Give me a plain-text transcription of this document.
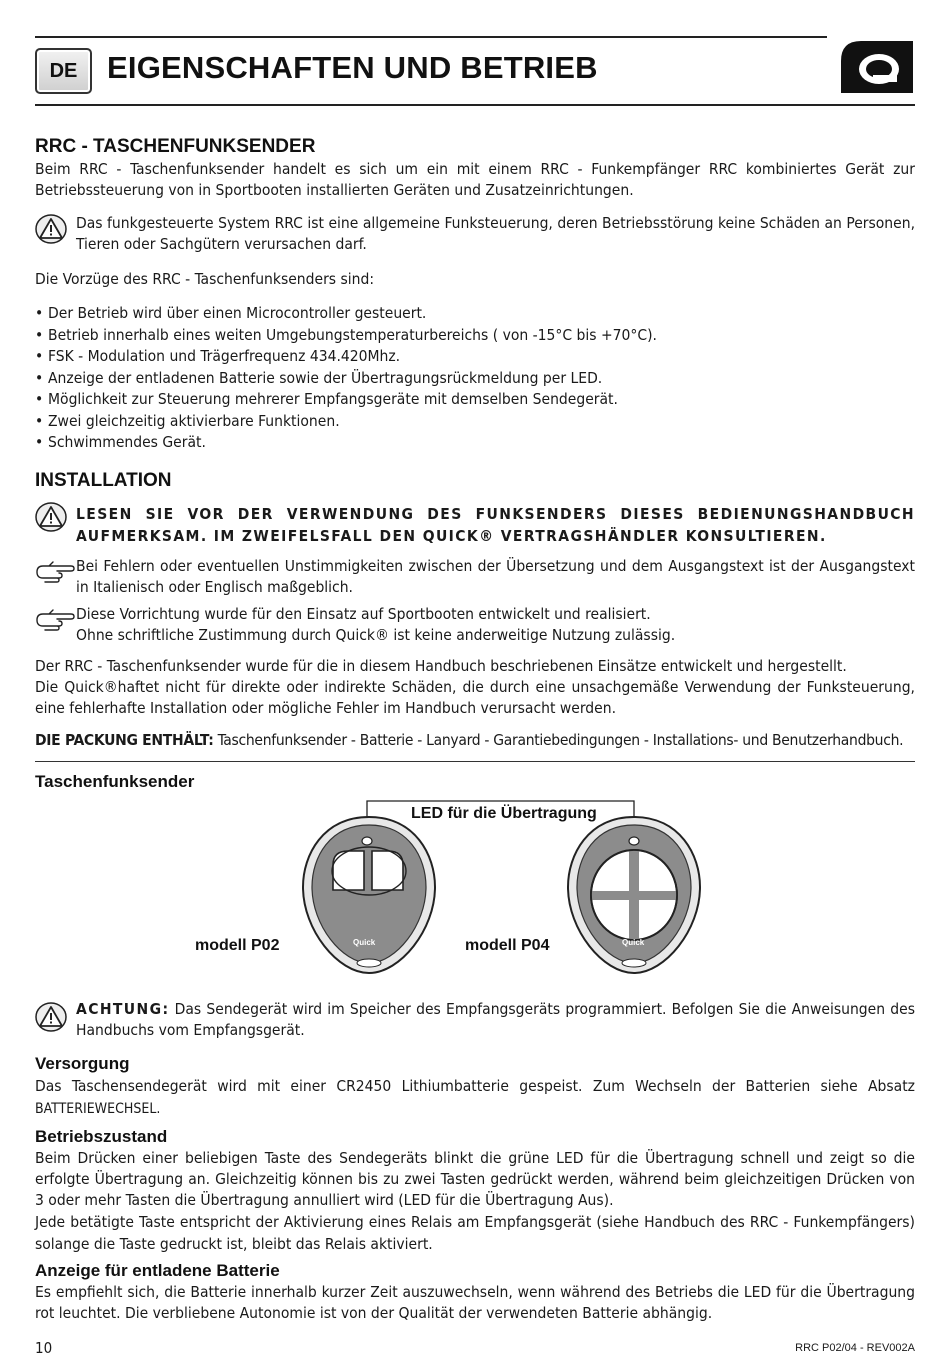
DE EIGENSCHAFTEN UND BETRIEB
RRC - TASCHENFUNKSENDER
Beim RRC - Taschenfunksender handelt es sich um ein mit einem RRC - Funkempfänger RRC kombiniertes Gerät zur Betriebssteuerung von in Sportbooten installierten Geräten und Zusatzeinrichtungen.
Das funkgesteuerte System RRC ist eine allgemeine Funksteuerung, deren Betriebsstörung keine Schäden an Personen, Tieren oder Sachgütern verursachen darf.
Die Vorzüge des RRC - Taschenfunksenders sind:
• Der Betrieb wird über einen Microcontroller gesteuert.
• Betrieb innerhalb eines weiten Umgebungstemperaturbereichs ( von -15°C bis +70°C).
• FSK - Modulation und Trägerfrequenz 434.420Mhz.
• Anzeige der entladenen Batterie sowie der Übertragungsrückmeldung per LED.
• Möglichkeit zur Steuerung mehrerer Empfangsgeräte mit demselben Sendegerät.
• Zwei gleichzeitig aktivierbare Funktionen.
• Schwimmendes Gerät.
INSTALLATION
LESEN SIE VOR DER VERWENDUNG DES FUNKSENDERS DIESES BEDIENUNGSHANDBUCH AUFMERKSAM. IM ZWEIFELSFALL DEN QUICK® VERTRAGSHÄNDLER KONSULTIEREN.
Bei Fehlern oder eventuellen Unstimmigkeiten zwischen der Übersetzung und dem Ausgangstext ist der Ausgangstext in Italienisch oder Englisch maßgeblich.
Diese Vorrichtung wurde für den Einsatz auf Sportbooten entwickelt und realisiert.
Ohne schriftliche Zustimmung durch Quick® ist keine anderweitige Nutzung zulässig.
Der RRC - Taschenfunksender wurde für die in diesem Handbuch beschriebenen Einsätze entwickelt und hergestellt.
Die Quick®haftet nicht für direkte oder indirekte Schäden, die durch eine unsachgemäße Verwendung der Funksteuerung, eine fehlerhafte Installation oder mögliche Fehler im Handbuch verursacht werden.
DIE PACKUNG ENTHÄLT: Taschenfunksender - Batterie - Lanyard - Garantiebedingungen - Installations- und Benutzerhandbuch.
Taschenfunksender
LED für die Übertragung
modell P02	modell P04
Quick	Quick
ACHTUNG: Das Sendegerät wird im Speicher des Empfangsgeräts programmiert. Befolgen Sie die Anweisungen des Handbuchs vom Empfangsgerät.
Versorgung
Das Taschensendegerät wird mit einer CR2450 Lithiumbatterie gespeist. Zum Wechseln der Batterien siehe Absatz BATTERIEWECHSEL.
Betriebszustand
Beim Drücken einer beliebigen Taste des Sendegeräts blinkt die grüne LED für die Übertragung schnell und zeigt so die erfolgte Übertragung an. Gleichzeitig können bis zu zwei Tasten gedrückt werden, während beim gleichzeitigen Drücken von 3 oder mehr Tasten die Übertragung annulliert wird (LED für die Übertragung Aus).
Jede betätigte Taste entspricht der Aktivierung eines Relais am Empfangsgerät (siehe Handbuch des RRC - Funkempfängers) solange die Taste gedruckt ist, bleibt das Relais aktiviert.
Anzeige für entladene Batterie
Es empfiehlt sich, die Batterie innerhalb kurzer Zeit auszuwechseln, wenn während des Betriebs die LED für die Übertragung rot leuchtet. Die verbliebene Autonomie ist von der Qualität der verwendeten Batterie abhängig.
10	RRC P02/04 - REV002A
